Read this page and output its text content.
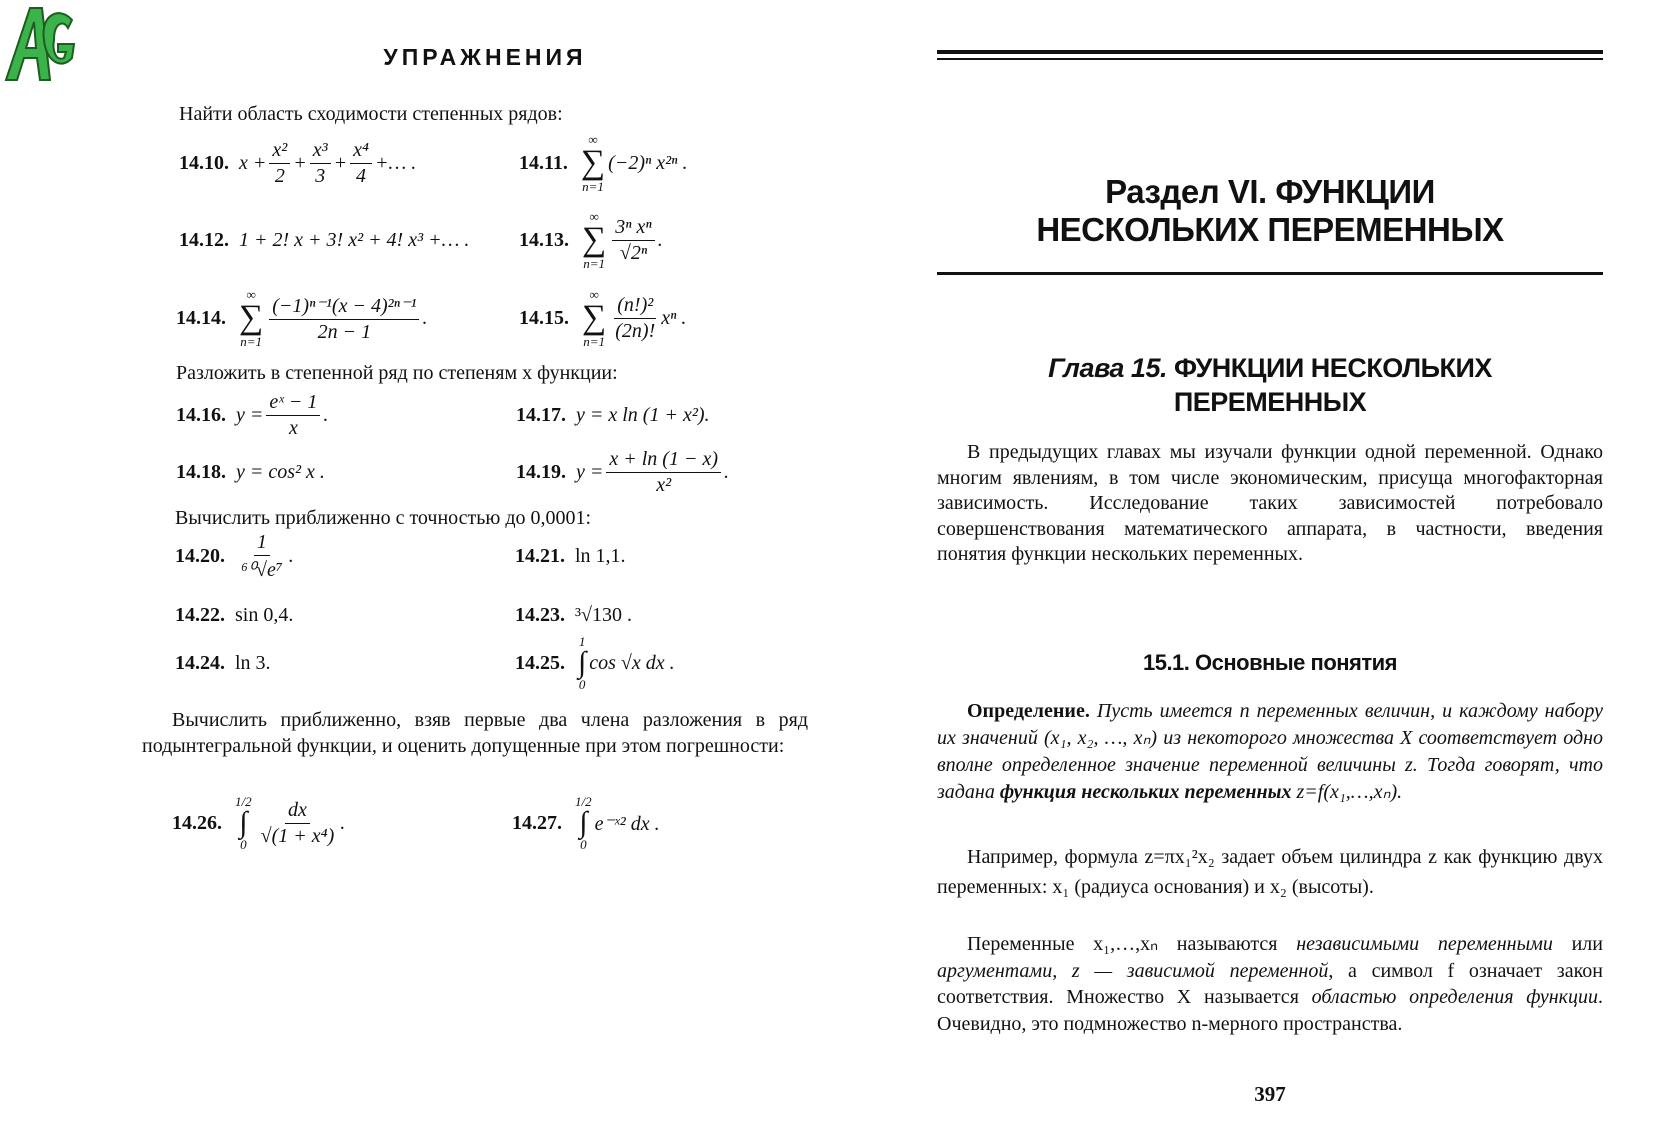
УПРАЖНЕНИЯ
Найти область сходимости степенных рядов:
14.10. $x + \frac{\text{x²}}{2} + \frac{\text{x³}}{3} + \frac{\text{x⁴}}{4}$ +… .	14.11.
∞
∑
n=1
(−2)ⁿ x²ⁿ .
14.12. 1 + 2! x + 3! x² + 4! x³ +… . 14.13.
∞
∑
$n=1 \frac{\text{3ⁿ xⁿ}}{\text{√2ⁿ}}$ .
14.14.
∞
∑
$n=1 \frac{\text{(−1)ⁿ⁻¹(x − 4)²ⁿ⁻¹}}{2n - 1}$ .	14.15.
∞
∑
$n=1 \frac{\text{(n!)²}}{(2n)!}$ xⁿ .
14.16. $y = \frac{\text{eˣ − 1}}{x}$ .	14.17. y = x ln (1 + x²).
14.18. y = cos² x .	14.19. $y = \frac{x + \ln (1 - x)}{\text{x²}}$ .
14.20. $\frac{1}{\text{⁶⁰√e⁷}}$ .	14.21. ln 1,1.
14.22. sin 0,4.	14.23. ³√130 .
14.24. ln 3.	14.25.
1
∫
0
cos √x dx .
14.26.
1/2
∫
$0 \frac{dx}{\text{√(1 + x⁴)}}$ .	14.27.
1/2
∫
0
e⁻ˣ² dx .
Разложить в степенной ряд по степеням x функции:
Вычислить приближенно с точностью до 0,0001:
Вычислить приближенно, взяв первые два члена разложения в ряд подынтегральной функции, и оценить допущенные при этом погрешности:
Раздел VI. ФУНКЦИИ
НЕСКОЛЬКИХ ПЕРЕМЕННЫХ
Глава 15. ФУНКЦИИ НЕСКОЛЬКИХ
ПЕРЕМЕННЫХ
В предыдущих главах мы изучали функции одной переменной. Однако многим явлениям, в том числе экономическим, присуща многофакторная зависимость. Исследование таких зависимостей потребовало совершенствования математического аппарата, в частности, введения понятия функции нескольких переменных.
15.1. Основные понятия
Определение. Пусть имеется n переменных величин, и каждому набору их значений (x₁, x₂, …, xₙ) из некоторого множества X соответствует одно вполне определенное значение переменной величины z. Тогда говорят, что задана функция нескольких переменных z=f(x₁,…,xₙ).
Например, формула z=πx₁²x₂ задает объем цилиндра z как функцию двух переменных: x₁ (радиуса основания) и x₂ (высоты).
Переменные x₁,…,xₙ называются независимыми переменными или аргументами, z — зависимой переменной, а символ f означает закон соответствия. Множество X называется областью определения функции. Очевидно, это подмножество n-мерного пространства.
397
